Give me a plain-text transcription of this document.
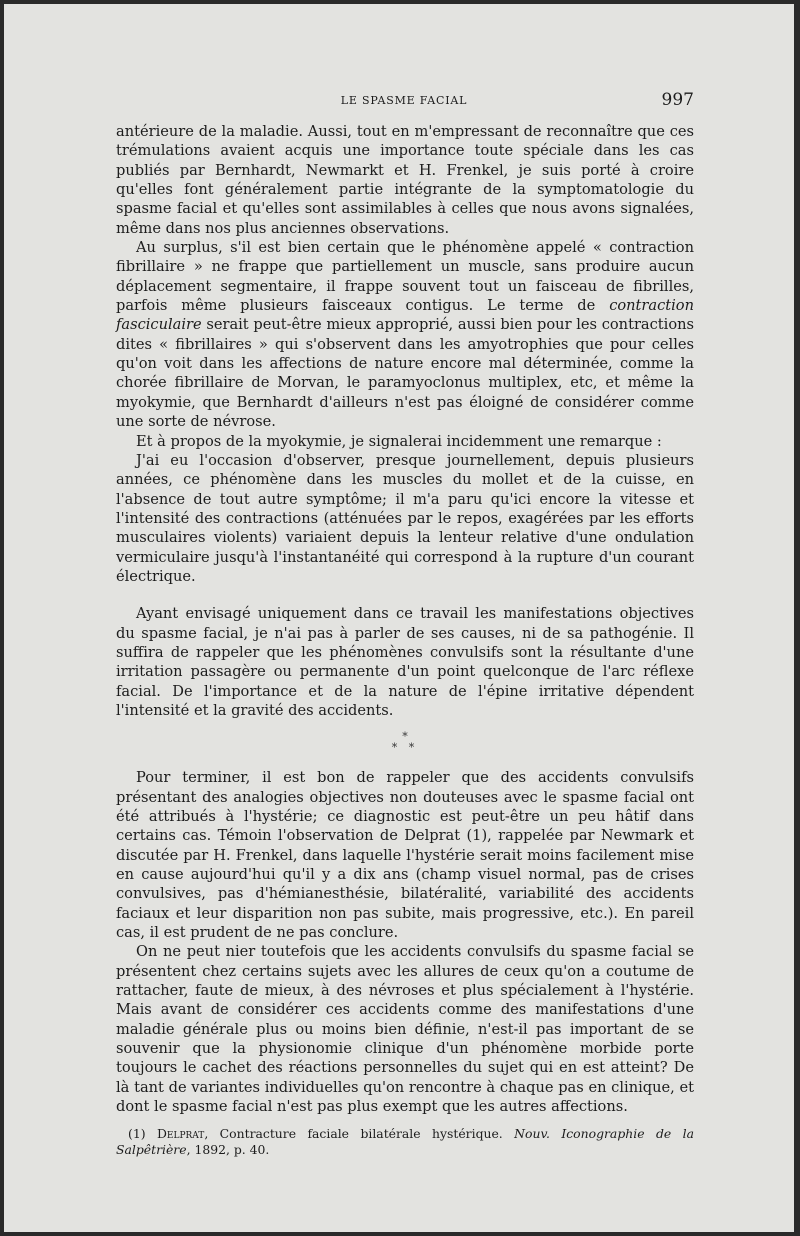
LE SPASME FACIAL	997

antérieure de la maladie. Aussi, tout en m'empressant de reconnaître que ces trémulations avaient acquis une importance toute spéciale dans les cas publiés par Bernhardt, Newmarkt et H. Frenkel, je suis porté à croire qu'elles font généralement partie intégrante de la symptomatologie du spasme facial et qu'elles sont assimilables à celles que nous avons signalées, même dans nos plus anciennes observations.

Au surplus, s'il est bien certain que le phénomène appelé « contraction fibrillaire » ne frappe que partiellement un muscle, sans produire aucun déplacement segmentaire, il frappe souvent tout un faisceau de fibrilles, parfois même plusieurs faisceaux contigus. Le terme de contraction fasciculaire serait peut-être mieux approprié, aussi bien pour les contractions dites « fibrillaires » qui s'observent dans les amyotrophies que pour celles qu'on voit dans les affections de nature encore mal déterminée, comme la chorée fibrillaire de Morvan, le paramyoclonus multiplex, etc, et même la myokymie, que Bernhardt d'ailleurs n'est pas éloigné de considérer comme une sorte de névrose.

Et à propos de la myokymie, je signalerai incidemment une remarque :

J'ai eu l'occasion d'observer, presque journellement, depuis plusieurs années, ce phénomène dans les muscles du mollet et de la cuisse, en l'absence de tout autre symptôme; il m'a paru qu'ici encore la vitesse et l'intensité des contractions (atténuées par le repos, exagérées par les efforts musculaires violents) variaient depuis la lenteur relative d'une ondulation vermiculaire jusqu'à l'instantanéité qui correspond à la rupture d'un courant électrique.

Ayant envisagé uniquement dans ce travail les manifestations objectives du spasme facial, je n'ai pas à parler de ses causes, ni de sa pathogénie. Il suffira de rappeler que les phénomènes convulsifs sont la résultante d'une irritation passagère ou permanente d'un point quelconque de l'arc réflexe facial. De l'importance et de la nature de l'épine irritative dépendent l'intensité et la gravité des accidents.

*
* *

Pour terminer, il est bon de rappeler que des accidents convulsifs présentant des analogies objectives non douteuses avec le spasme facial ont été attribués à l'hystérie; ce diagnostic est peut-être un peu hâtif dans certains cas. Témoin l'observation de Delprat (1), rappelée par Newmark et discutée par H. Frenkel, dans laquelle l'hystérie serait moins facilement mise en cause aujourd'hui qu'il y a dix ans (champ visuel normal, pas de crises convulsives, pas d'hémianesthésie, bilatéralité, variabilité des accidents faciaux et leur disparition non pas subite, mais progressive, etc.). En pareil cas, il est prudent de ne pas conclure.

On ne peut nier toutefois que les accidents convulsifs du spasme facial se présentent chez certains sujets avec les allures de ceux qu'on a coutume de rattacher, faute de mieux, à des névroses et plus spécialement à l'hystérie. Mais avant de considérer ces accidents comme des manifestations d'une maladie générale plus ou moins bien définie, n'est-il pas important de se souvenir que la physionomie clinique d'un phénomène morbide porte toujours le cachet des réactions personnelles du sujet qui en est atteint? De là tant de variantes individuelles qu'on rencontre à chaque pas en clinique, et dont le spasme facial n'est pas plus exempt que les autres affections.

(1) Delprat, Contracture faciale bilatérale hystérique. Nouv. Iconographie de la Salpêtrière, 1892, p. 40.
